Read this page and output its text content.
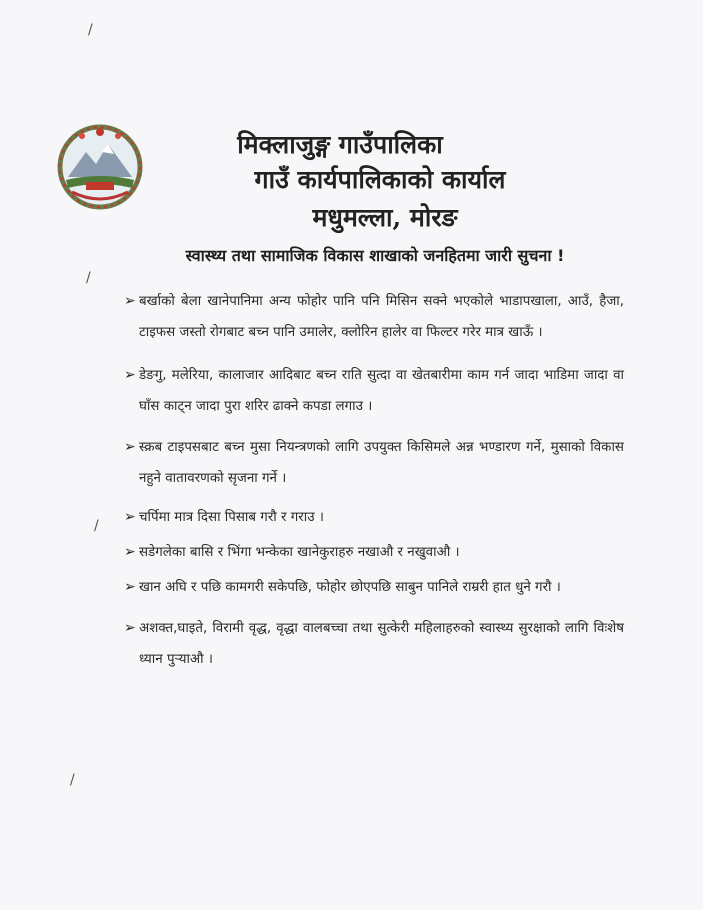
मिक्लाजुङ्ग गाउँपालिका
गाउँ कार्यपालिकाको कार्याल
मधुमल्ला, मोरङ
स्वास्थ्य तथा सामाजिक विकास शाखाको जनहितमा जारी सुचना !
➢ बर्खाको बेला खानेपानिमा अन्य फोहोर पानि पनि मिसिन सक्ने भएकोले भाडापखाला, आउँ, हैजा, टाइफस जस्तो रोगबाट बच्न पानि उमालेर, क्लोरिन हालेर वा फिल्टर गरेर मात्र खाऊँ ।
➢ डेङगु, मलेरिया, कालाजार आदिबाट बच्न राति सुत्दा वा खेतबारीमा काम गर्न जादा भाडिमा जादा वा घाँस काट्न जादा पुरा शरिर ढाक्ने कपडा लगाउ ।
➢ स्क्रब टाइपसबाट बच्न मुसा नियन्त्रणको लागि उपयुक्त किसिमले अन्न भण्डारण गर्ने, मुसाको विकास नहुने वातावरणको सृजना गर्ने ।
➢ चर्पिमा मात्र दिसा पिसाब गरौ र गराउ ।
➢ सडेगलेका बासि र भिंगा भन्केका खानेकुराहरु नखाऔ र नखुवाऔ ।
➢ खान अघि र पछि कामगरी सकेपछि, फोहोर छोएपछि साबुन पानिले राम्ररी हात धुने गरौ ।
➢ अशक्त,घाइते, विरामी वृद्ध, वृद्धा वालबच्चा तथा सुत्केरी महिलाहरुको स्वास्थ्य सुरक्षाको लागि विःशेष ध्यान पुर्‍याऔ ।
/
/
/
/
